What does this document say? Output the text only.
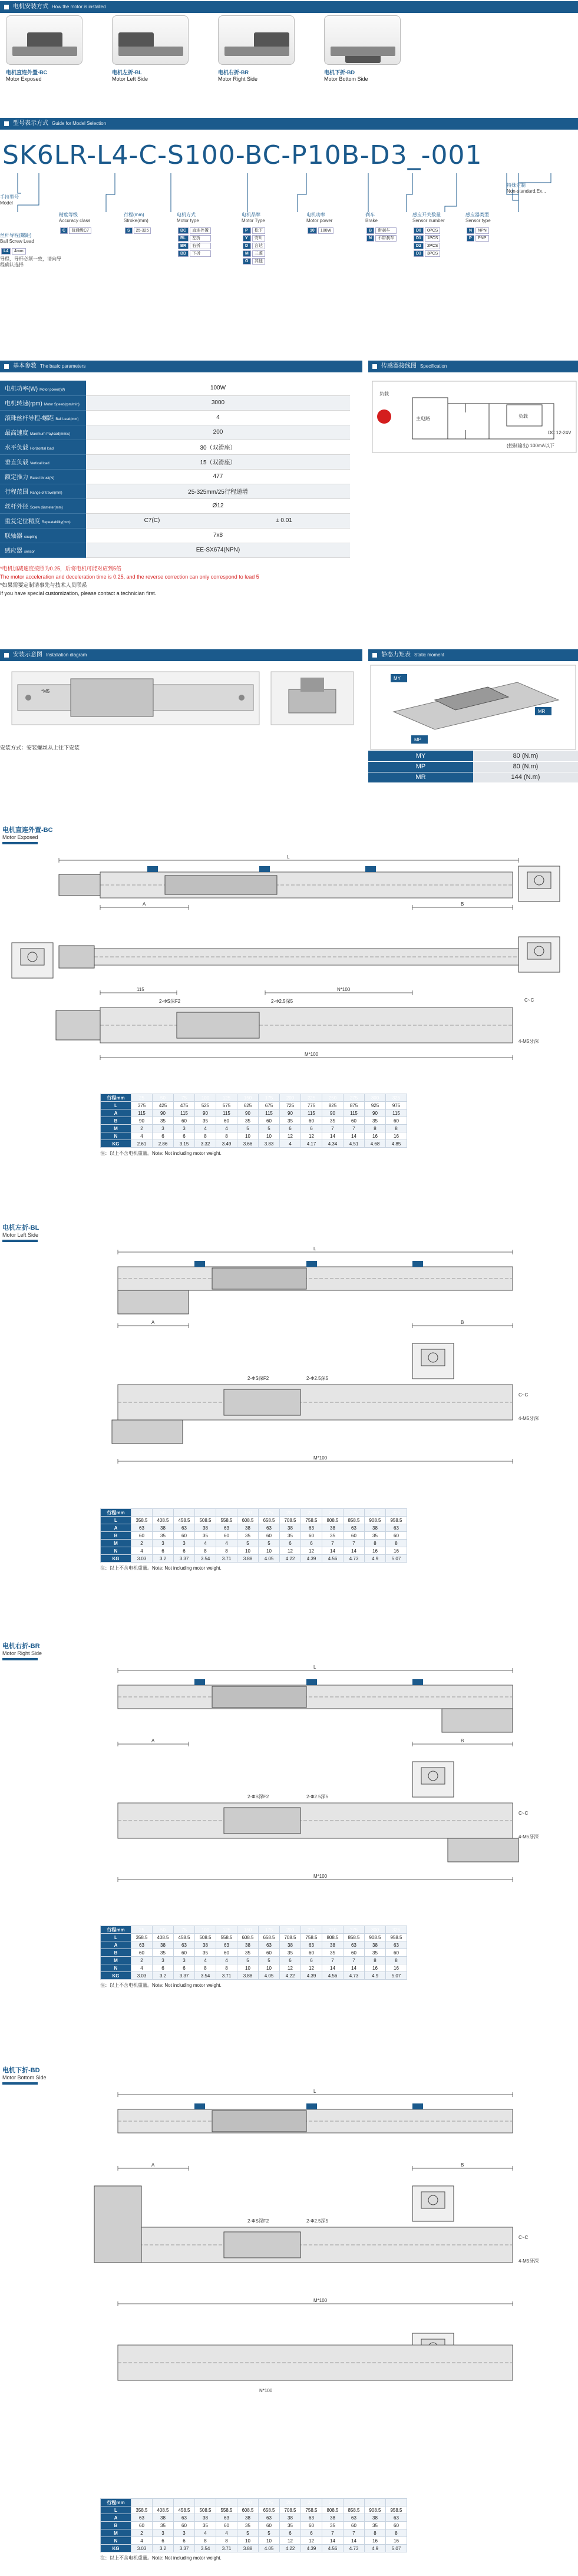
电机安装方式 How the motor is installed
电机直连外置-BC
Motor Exposed
电机左折-BL
Motor Left Side
电机右折-BR
Motor Right Side
电机下折-BD
Motor Bottom Side
型号表示方式 Guide for Model Selection
SK6LR-L4-C-S100-BC-P10B-D3_-001
手持型号
Model
丝杆导程(螺距)
Ball Screw Lead
导程，导杆必须一致，请向导程确认选择
L4	4mm
精度等级
Accuracy class
C	普通级C7
行程(mm)
Stroke(mm)
S	25-325
电机方式
Motor type
BC	直连外置
BL	左折
BR	右折
BD	下折
电机品牌
Motor Type
P	松下
Y	安川
D	台达
M	三菱
O	其他
电机功率
Motor power
10	100W
刹车
Brake
B	带刹车
N	不带刹车
感应开关数量
Sensor number
D0	0PCS
D1	1PCS
D2	2PCS
D3	3PCS
感应器类型
Sensor type
N	NPN
P	PNP
特殊定制
Non-standard,Ex...
基本参数 The basic parameters
电机功率(W) Motor power(W)	100W	
电机转速(rpm) Motor Speed(rpm/min)	3000	
滚珠丝杆导程-螺距 Ball Lead(mm)	4	
最高速度 Maximum Payload(mm/s)	200	
水平负载 Horizontal load	30（双滑座）	
垂直负载 Vertical load	15（双滑座）	
额定推力 Rated thrust(N)	477	
行程范围 Range of travel(mm)	25-325mm/25行程递增	
丝杆外径 Screw diameter(mm)	Ø12	
重复定位精度 Repeatability(mm)	C7(C)	± 0.01
联轴器 coupling	7x8	
感应器 sensor	EE-SX674(NPN)	
*电机加减速度按照为0.25，后将电机可能对应到5倍
The motor acceleration and deceleration time is 0.25, and the reverse correction can only correspond to lead 5
*如果需要定制请事先与技术人员联系
If you have special customization, please contact a technician first.
传感器接线图 Specification
负载
主电路	负载
DC 12-24V
(控制输出) 100mA以下
安装示意图 Installation diagram
*M5
安装方式：安装螺丝从上往下安装
静态力矩表 Static moment
MY
MR
MP
MY	80 (N.m)
MP	80 (N.m)
MR	144 (N.m)
电机直连外置-BC
Motor Exposed
L
A	B
115	N*100
2-Φ2.5深5
2-ΦS深F2	C~C
4-M5牙深
M*100
行程mm	25	50	75	100	125	150	175	200	225	250	275	300	325
L	375	425	475	525	575	625	675	725	775	825	875	925	975
A	115	90	115	90	115	90	115	90	115	90	115	90	115
B	90	35	60	35	60	35	60	35	60	35	60	35	60
M	2	3	3	4	4	5	5	6	6	7	7	8	8
N	4	6	6	8	8	10	10	12	12	14	14	16	16
KG	2.61	2.86	3.15	3.32	3.49	3.66	3.83	4	4.17	4.34	4.51	4.68	4.85
注：以上不含电机重量。Note: Not including motor weight.
电机左折-BL
Motor Left Side
L
A	B
2-ΦS深F2	2-Φ2.5深5
C~C
4-M5牙深
M*100
行程mm	25	50	75	100	125	150	175	200	225	250	275	300	325
L	358.5	408.5	458.5	508.5	558.5	608.5	658.5	708.5	758.5	808.5	858.5	908.5	958.5
A	63	38	63	38	63	38	63	38	63	38	63	38	63
B	60	35	60	35	60	35	60	35	60	35	60	35	60
M	2	3	3	4	4	5	5	6	6	7	7	8	8
N	4	6	6	8	8	10	10	12	12	14	14	16	16
KG	3.03	3.2	3.37	3.54	3.71	3.88	4.05	4.22	4.39	4.56	4.73	4.9	5.07
注：以上不含电机重量。Note: Not including motor weight.
电机右折-BR
Motor Right Side
L
A	B
2-ΦS深F2	2-Φ2.5深5
C~C
4-M5牙深
M*100
行程mm	25	50	75	100	125	150	175	200	225	250	275	300	325
L	358.5	408.5	458.5	508.5	558.5	608.5	658.5	708.5	758.5	808.5	858.5	908.5	958.5
A	63	38	63	38	63	38	63	38	63	38	63	38	63
B	60	35	60	35	60	35	60	35	60	35	60	35	60
M	2	3	3	4	4	5	5	6	6	7	7	8	8
N	4	6	6	8	8	10	10	12	12	14	14	16	16
KG	3.03	3.2	3.37	3.54	3.71	3.88	4.05	4.22	4.39	4.56	4.73	4.9	5.07
注：以上不含电机重量。Note: Not including motor weight.
电机下折-BD
Motor Bottom Side
L
A	B
2-ΦS深F2	2-Φ2.5深5
C~C
4-M5牙深
M*100
N*100
行程mm	25	50	75	100	125	150	175	200	225	250	275	300	325
L	358.5	408.5	458.5	508.5	558.5	608.5	658.5	708.5	758.5	808.5	858.5	908.5	958.5
A	63	38	63	38	63	38	63	38	63	38	63	38	63
B	60	35	60	35	60	35	60	35	60	35	60	35	60
M	2	3	3	4	4	5	5	6	6	7	7	8	8
N	4	6	6	8	8	10	10	12	12	14	14	16	16
KG	3.03	3.2	3.37	3.54	3.71	3.88	4.05	4.22	4.39	4.56	4.73	4.9	5.07
注：以上不含电机重量。Note: Not including motor weight.
